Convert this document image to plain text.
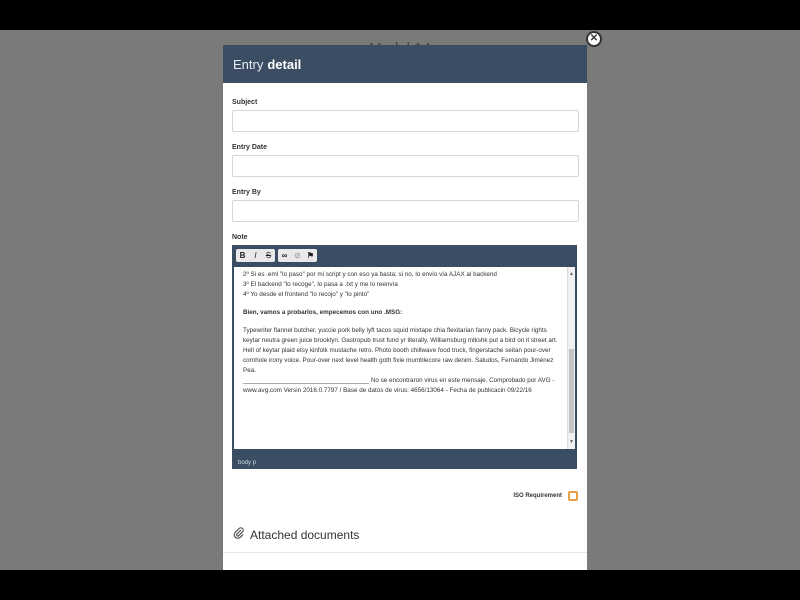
Entry detail
Subject
Entry Date
Entry By
Note
B	I	S	∞ ⊘ ⚑
2º Si es .eml "lo paso" por mi script y con eso ya basta; si no, lo envío vía AJAX al backend
3º El backend "lo recoge", lo pasa a .txt y me lo reenvía
4º Yo desde el frontend "lo recojo" y "lo pinto"

Bien, vamos a probarlos, empecemos con uno .MSG:

Typewriter flannel butcher, yuccie pork belly lyft tacos squid mixtape chia flexitarian fanny pack. Bicycle rights keytar neutra green juice brooklyn. Gastropub trust fund yr literally. Williamsburg mlkshk put a bird on it street art. Hell of keytar plaid etsy kinfolk mustache retro. Photo booth chillwave food truck, fingerstache seitan pour-over cornhole irony voice. Pour-over next level health goth fixie mumblecore raw denim. Saludos, Fernando Jiménez Pea.

____________________________________ No se encontraron virus en este mensaje. Comprobado por AVG - www.avg.com Versin 2016.0.7797 / Base de datos de virus: 4656/13064 - Fecha de publicacin 09/22/16

▲
▼
body p
ISO Requirement
Attached documents
✕
